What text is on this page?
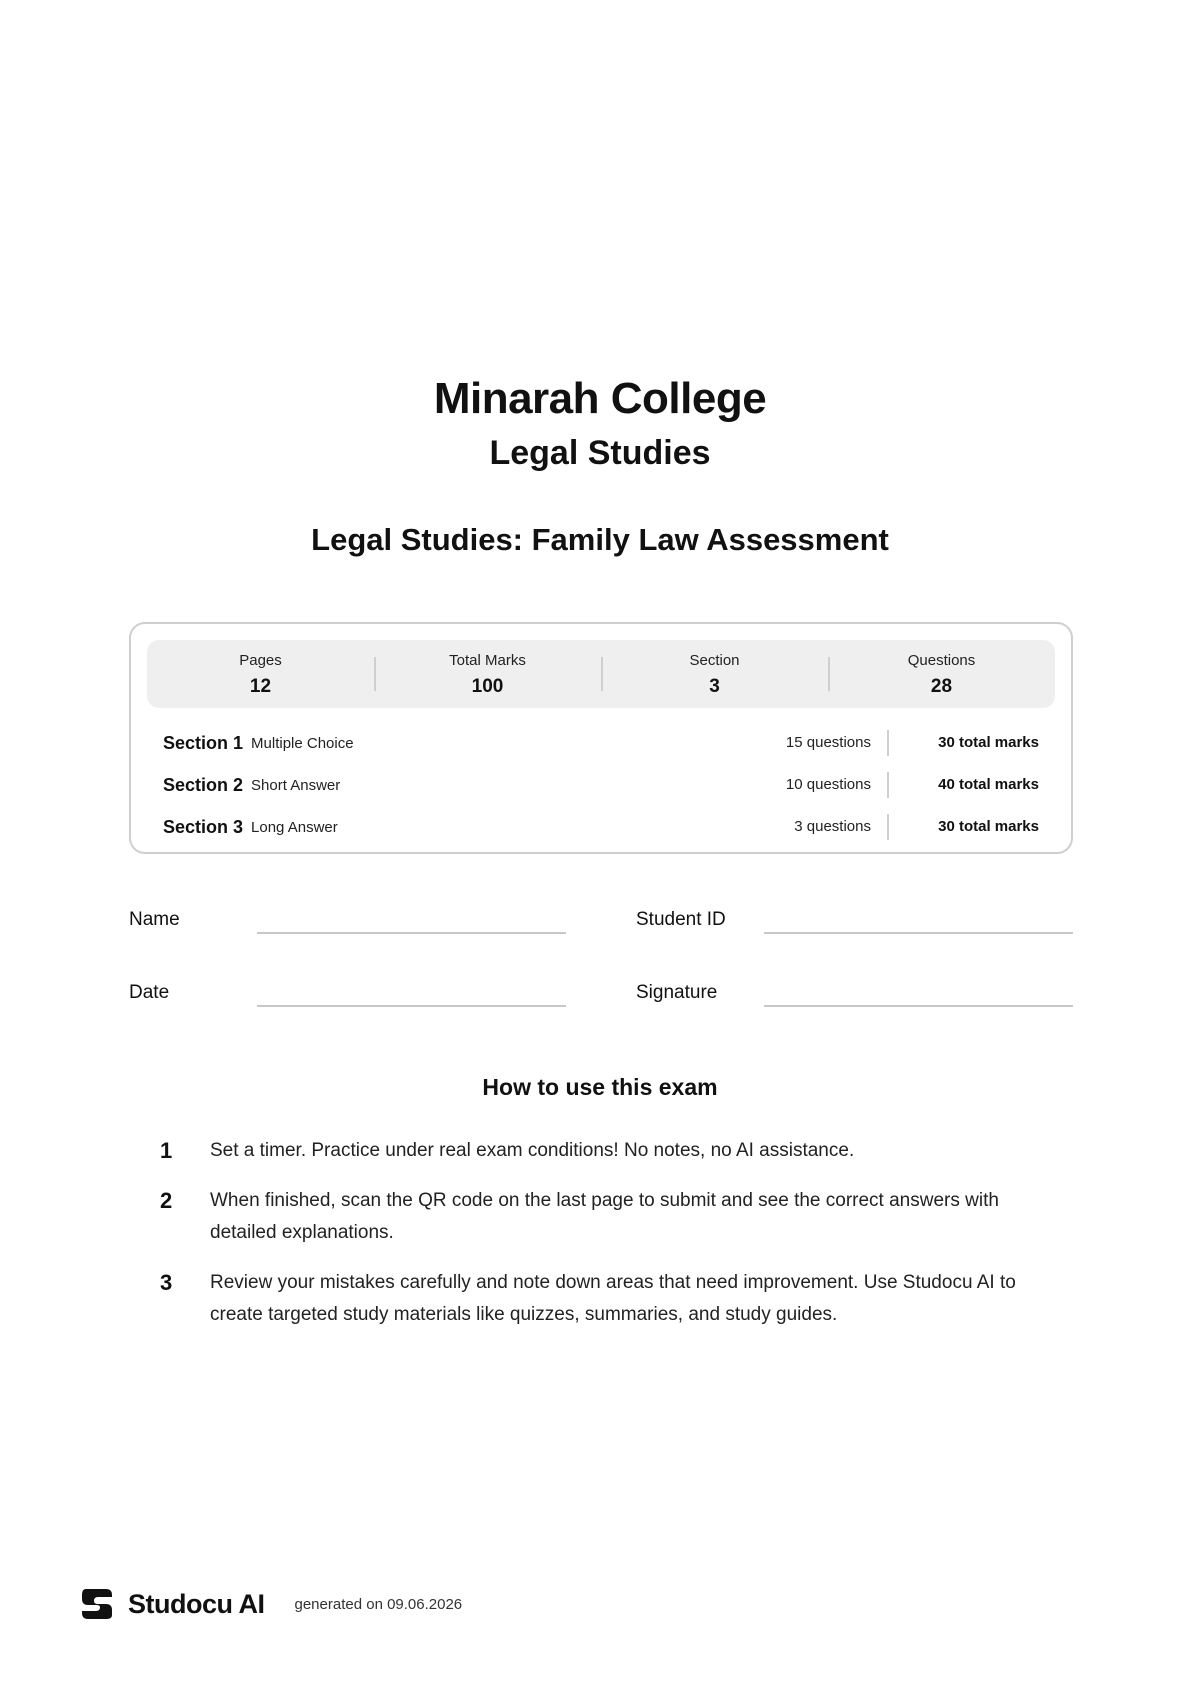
Minarah College
Legal Studies
Legal Studies: Family Law Assessment
Pages
12
Total Marks
100
Section
3
Questions
28
Section 1 Multiple Choice	15 questions	30 total marks
Section 2 Short Answer	10 questions	40 total marks
Section 3 Long Answer	3 questions	30 total marks
Name	Student ID
Date	Signature
How to use this exam
1	Set a timer. Practice under real exam conditions! No notes, no AI assistance.
2	When finished, scan the QR code on the last page to submit and see the correct answers with detailed explanations.
3	Review your mistakes carefully and note down areas that need improvement. Use Studocu AI to create targeted study materials like quizzes, summaries, and study guides.
Studocu AI generated on 09.06.2026
